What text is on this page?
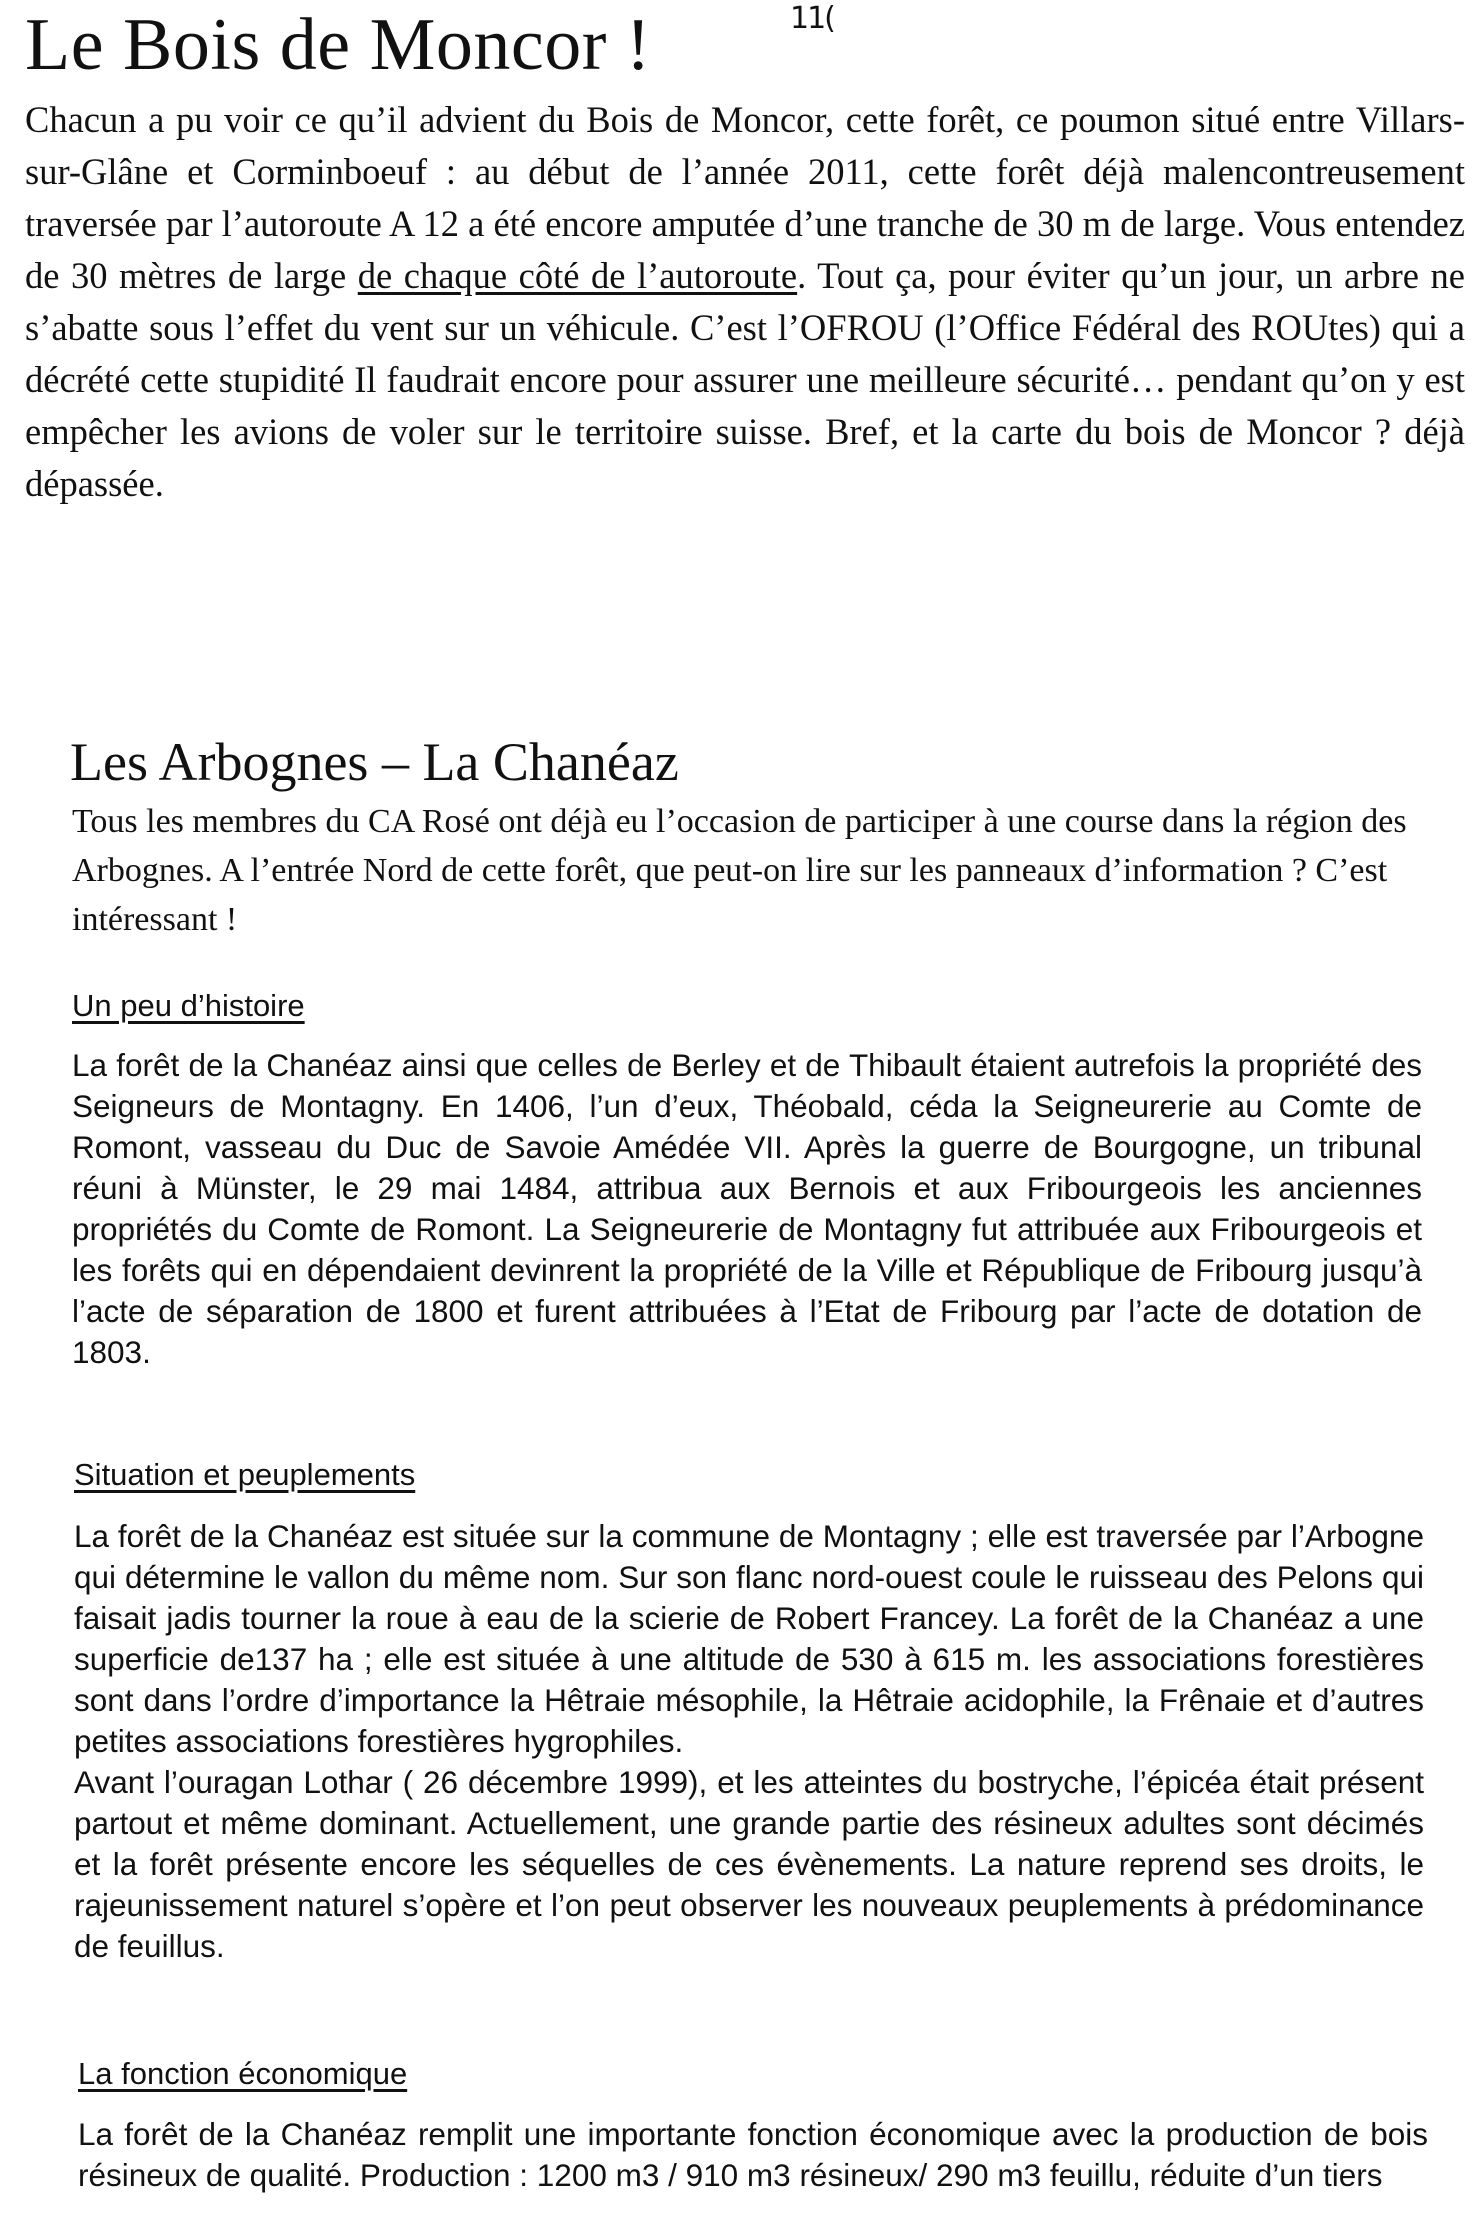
Le Bois de Moncor !	11(

Chacun a pu voir ce qu’il advient du Bois de Moncor, cette forêt, ce poumon situé entre Villars-sur-Glâne et Corminboeuf : au début de l’année 2011, cette forêt déjà malencontreusement traversée par l’autoroute A 12 a été encore amputée d’une tranche de 30 m de large. Vous entendez de 30 mètres de large de chaque côté de l’autoroute. Tout ça, pour éviter qu’un jour, un arbre ne s’abatte sous l’effet du vent sur un véhicule. C’est l’OFROU (l’Office Fédéral des ROUtes) qui a décrété cette stupidité Il faudrait encore pour assurer une meilleure sécurité… pendant qu’on y est empêcher les avions de voler sur le territoire suisse. Bref, et la carte du bois de Moncor ? déjà dépassée.

Les Arbognes – La Chanéaz

Tous les membres du CA Rosé ont déjà eu l’occasion de participer à une course dans la région des Arbognes. A l’entrée Nord de cette forêt, que peut-on lire sur les panneaux d’information ? C’est intéressant !

Un peu d’histoire

La forêt de la Chanéaz ainsi que celles de Berley et de Thibault étaient autrefois la propriété des Seigneurs de Montagny. En 1406, l’un d’eux, Théobald, céda la Seigneurerie au Comte de Romont, vasseau du Duc de Savoie Amédée VII. Après la guerre de Bourgogne, un tribunal réuni à Münster, le 29 mai 1484, attribua aux Bernois et aux Fribourgeois les anciennes propriétés du Comte de Romont. La Seigneurerie de Montagny fut attribuée aux Fribourgeois et les forêts qui en dépendaient devinrent la propriété de la Ville et République de Fribourg jusqu’à l’acte de séparation de 1800 et furent attribuées à l’Etat de Fribourg par l’acte de dotation de 1803.

Situation et peuplements

La forêt de la Chanéaz est située sur la commune de Montagny ; elle est traversée par l’Arbogne qui détermine le vallon du même nom. Sur son flanc nord-ouest coule le ruisseau des Pelons qui faisait jadis tourner la roue à eau de la scierie de Robert Francey. La forêt de la Chanéaz a une superficie de137 ha ; elle est située à une altitude de 530 à 615 m. les associations forestières sont dans l’ordre d’importance la Hêtraie mésophile, la Hêtraie acidophile, la Frênaie et d’autres petites associations forestières hygrophiles.

Avant l’ouragan Lothar ( 26 décembre 1999), et les atteintes du bostryche, l’épicéa était présent partout et même dominant. Actuellement, une grande partie des résineux adultes sont décimés et la forêt présente encore les séquelles de ces évènements. La nature reprend ses droits, le rajeunissement naturel s’opère et l’on peut observer les nouveaux peuplements à prédominance de feuillus.

La fonction économique

La forêt de la Chanéaz remplit une importante fonction économique avec la production de bois résineux de qualité. Production : 1200 m3 / 910 m3 résineux/ 290 m3 feuillu, réduite d’un tiers
